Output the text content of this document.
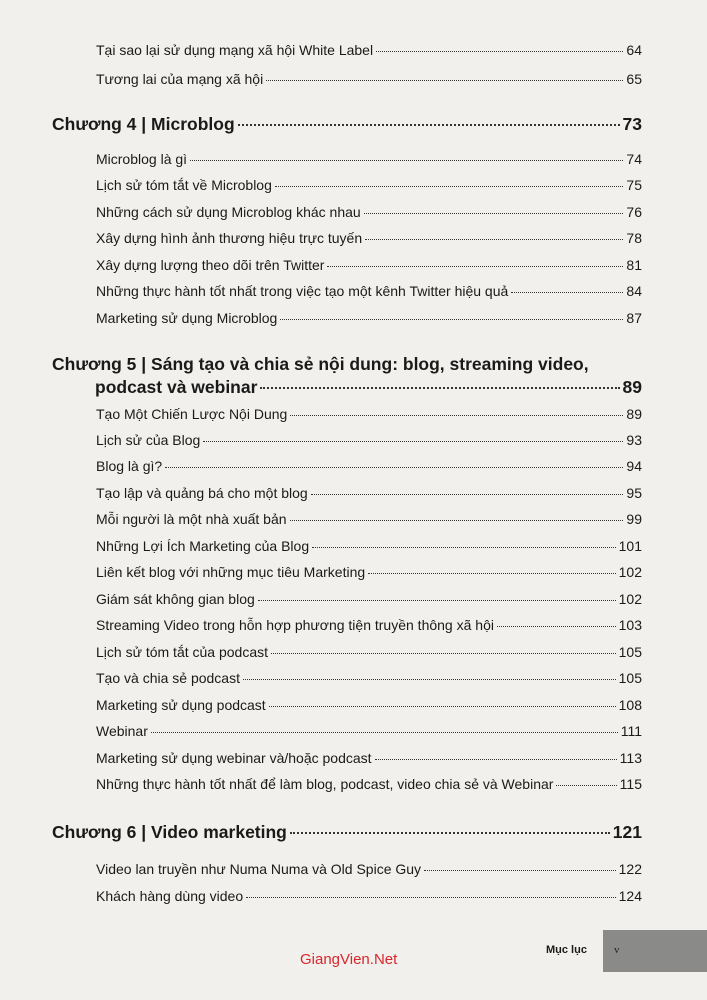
Tại sao lại sử dụng mạng xã hội White Label	64
Tương lai của mạng xã hội	65
Chương 4 | Microblog	73
Microblog là gì	74
Lịch sử tóm tắt về Microblog	75
Những cách sử dụng Microblog khác nhau	76
Xây dựng hình ảnh thương hiệu trực tuyến	78
Xây dựng lượng theo dõi trên Twitter	81
Những thực hành tốt nhất trong việc tạo một kênh Twitter hiệu quả	84
Marketing sử dụng Microblog	87
Chương 5 | Sáng tạo và chia sẻ nội dung: blog, streaming video,
podcast và webinar	89
Tạo Một Chiến Lược Nội Dung	89
Lịch sử của Blog	93
Blog là gì?	94
Tạo lập và quảng bá cho một blog	95
Mỗi người là một nhà xuất bản	99
Những Lợi Ích Marketing của Blog	101
Liên kết blog với những mục tiêu Marketing	102
Giám sát không gian blog	102
Streaming Video trong hỗn hợp phương tiện truyền thông xã hội	103
Lịch sử tóm tắt của podcast	105
Tạo và chia sẻ podcast	105
Marketing sử dụng podcast	108
Webinar	111
Marketing sử dụng webinar và/hoặc podcast	113
Những thực hành tốt nhất để làm blog, podcast, video chia sẻ và Webinar	115
Chương 6 | Video marketing	121
Video lan truyền như Numa Numa và Old Spice Guy	122
Khách hàng dùng video	124
Mục lục v
GiangVien.Net
